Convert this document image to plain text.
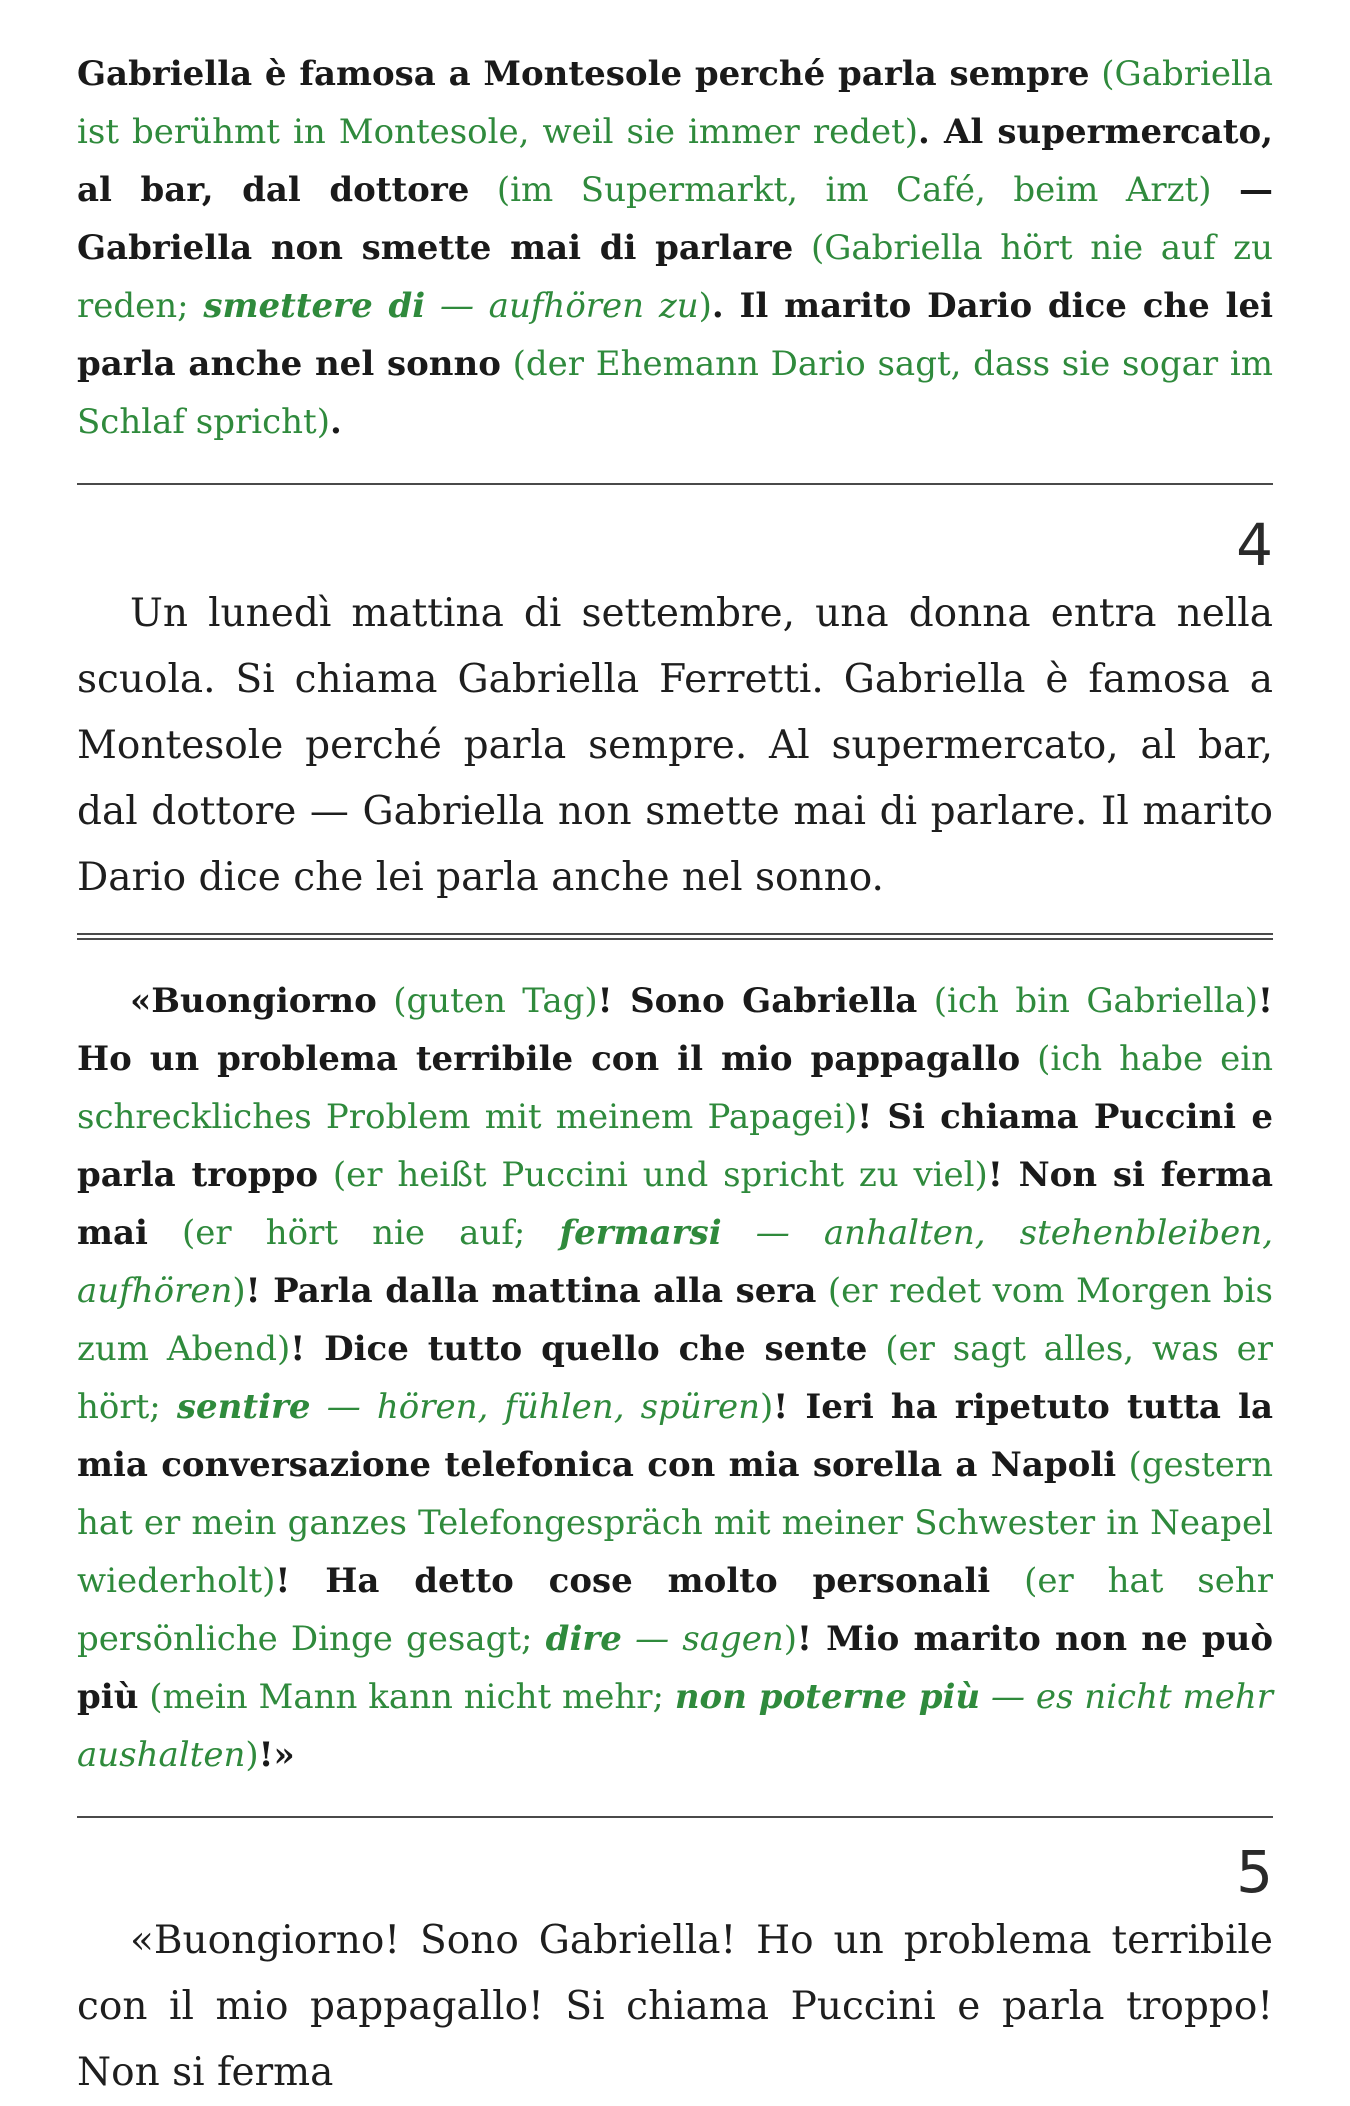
Gabriella è famosa a Montesole perché parla sempre (Gabriella ist berühmt in Montesole, weil sie immer redet). Al supermercato, al bar, dal dottore (im Supermarkt, im Café, beim Arzt) — Gabriella non smette mai di parlare (Gabriella hört nie auf zu reden; smettere di — aufhören zu). Il marito Dario dice che lei parla anche nel sonno (der Ehemann Dario sagt, dass sie sogar im Schlaf spricht).

4

Un lunedì mattina di settembre, una donna entra nella scuola. Si chiama Gabriella Ferretti. Gabriella è famosa a Montesole perché parla sempre. Al supermercato, al bar, dal dottore — Gabriella non smette mai di parlare. Il marito Dario dice che lei parla anche nel sonno.

«Buongiorno (guten Tag)! Sono Gabriella (ich bin Gabriella)! Ho un problema terribile con il mio pappagallo (ich habe ein schreckliches Problem mit meinem Papagei)! Si chiama Puccini e parla troppo (er heißt Puccini und spricht zu viel)! Non si ferma mai (er hört nie auf; fermarsi — anhalten, stehenbleiben, aufhören)! Parla dalla mattina alla sera (er redet vom Morgen bis zum Abend)! Dice tutto quello che sente (er sagt alles, was er hört; sentire — hören, fühlen, spüren)! Ieri ha ripetuto tutta la mia conversazione telefonica con mia sorella a Napoli (gestern hat er mein ganzes Telefongespräch mit meiner Schwester in Neapel wiederholt)! Ha detto cose molto personali (er hat sehr persönliche Dinge gesagt; dire — sagen)! Mio marito non ne può più (mein Mann kann nicht mehr; non poterne più — es nicht mehr aushalten)!»

5

«Buongiorno! Sono Gabriella! Ho un problema terribile con il mio pappagallo! Si chiama Puccini e parla troppo! Non si ferma
